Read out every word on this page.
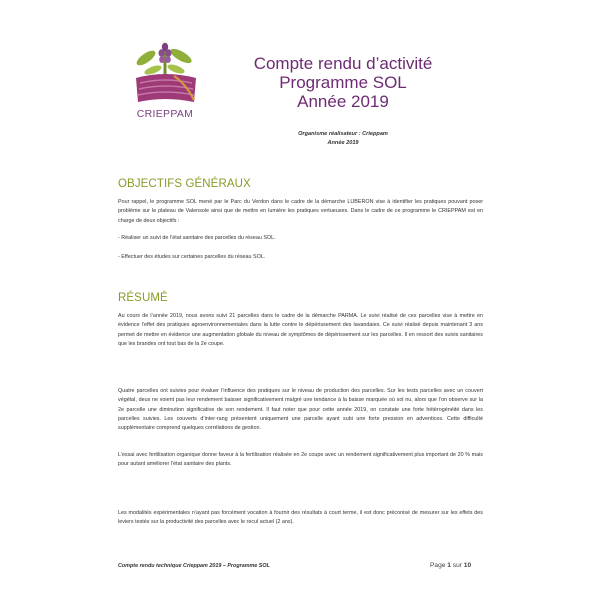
CRIEPPAM
Compte rendu d’activité
Programme SOL
Année 2019
Organisme réalisateur : Crieppam
Année 2019
OBJECTIFS GÉNÉRAUX
Pour rappel, le programme SOL mené par le Parc du Verdon dans le cadre de la démarche LUBERON vise à identifier les pratiques pouvant poser problème sur le plateau de Valensole ainsi que de mettre en lumière les pratiques vertueuses. Dans le cadre de ce programme le CRIEPPAM est en charge de deux objectifs :
- Réaliser un suivi de l’état sanitaire des parcelles du réseau SOL.
- Effectuer des études sur certaines parcelles du réseau SOL.
RÉSUMÉ
Au cours de l’année 2019, nous avons suivi 21 parcelles dans le cadre de la démarche PARMA. Le suivi réalisé de ces parcelles vise à mettre en évidence l’effet des pratiques agroenvironnementales dans la lutte contre le dépérissement des lavandaies. Ce suivi réalisé depuis maintenant 3 ans permet de mettre en évidence une augmentation globale du niveau de symptômes de dépérissement sur les parcelles. Il en ressort des suivis sanitaires que les brandes ont tout bas de la 2e coupe.
Quatre parcelles ont suivies pour évaluer l’influence des pratiques sur le niveau de production des parcelles. Sur les tests parcelles avec un couvert végétal, deux ne voient pas leur rendement baisser significativement malgré une tendance à la baisse marquée où sol nu, alors que l’on observe sur la 2e parcelle une diminution significative de son rendement. Il faut noter que pour cette année 2019, on constate une forte hétérogénéité dans les parcelles suivies. Les couverts d’inter-rang présentent uniquement une parcelle ayant subi une forte pression en adventices. Cette difficulté supplémentaire comprend quelques corrélations de gestion.
L’essai avec fertilisation organique donne faveur à la fertilisation réalisée en 2e coupe avec un rendement significativement plus important de 20 % mais pour autant améliorer l’état sanitaire des plants.
Les modalités expérimentales n’ayant pas forcément vocation à fournir des résultats à court terme, il est donc préconisé de mesurer sur les effets des leviers testés sur la productivité des parcelles avec le recul actuel (2 ans).
Compte rendu technique Crieppam 2019 – Programme SOL	Page 1 sur 10
